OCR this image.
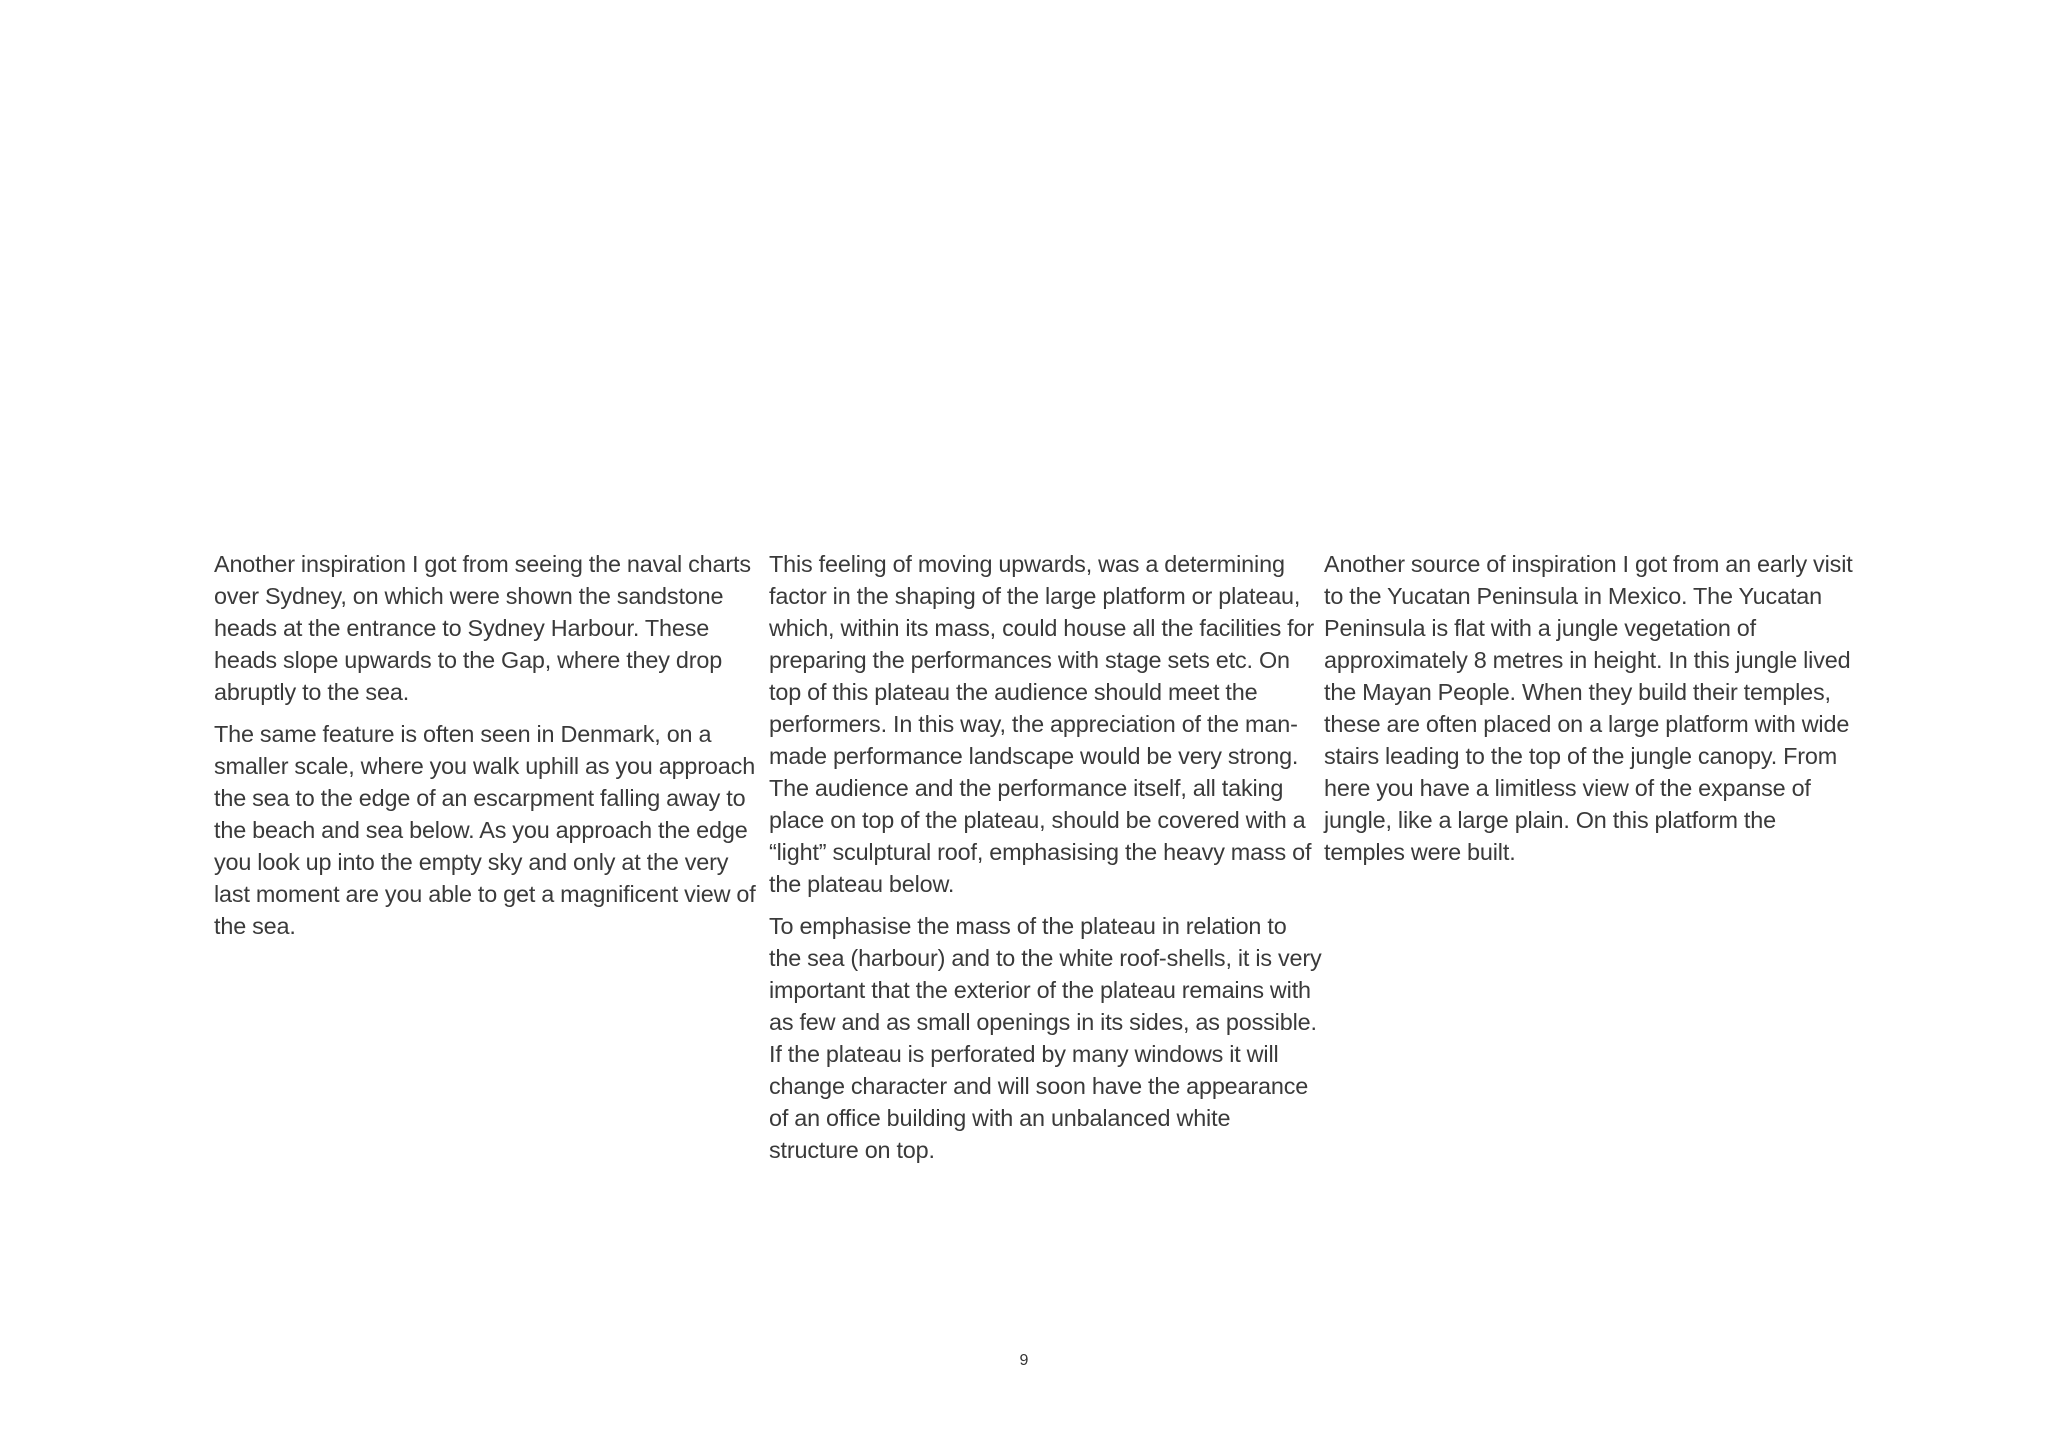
Another inspiration I got from seeing the naval charts over Sydney, on which were shown the sandstone heads at the entrance to Sydney Harbour. These heads slope upwards to the Gap, where they drop abruptly to the sea.

The same feature is often seen in Denmark, on a smaller scale, where you walk uphill as you approach the sea to the edge of an escarpment falling away to the beach and sea below. As you approach the edge you look up into the empty sky and only at the very last moment are you able to get a magnificent view of the sea.

This feeling of moving upwards, was a determining factor in the shaping of the large platform or plateau, which, within its mass, could house all the facilities for preparing the performances with stage sets etc. On top of this plateau the audience should meet the performers. In this way, the appreciation of the man-made performance landscape would be very strong. The audience and the performance itself, all taking place on top of the plateau, should be covered with a “light” sculptural roof, emphasising the heavy mass of the plateau below.

To emphasise the mass of the plateau in relation to the sea (harbour) and to the white roof-shells, it is very important that the exterior of the plateau remains with as few and as small openings in its sides, as possible. If the plateau is perforated by many windows it will change character and will soon have the appearance of an office building with an unbalanced white structure on top.

Another source of inspiration I got from an early visit to the Yucatan Peninsula in Mexico. The Yucatan Peninsula is flat with a jungle vegetation of approximately 8 metres in height. In this jungle lived the Mayan People. When they build their temples, these are often placed on a large platform with wide stairs leading to the top of the jungle canopy. From here you have a limitless view of the expanse of jungle, like a large plain. On this platform the temples were built.

9
